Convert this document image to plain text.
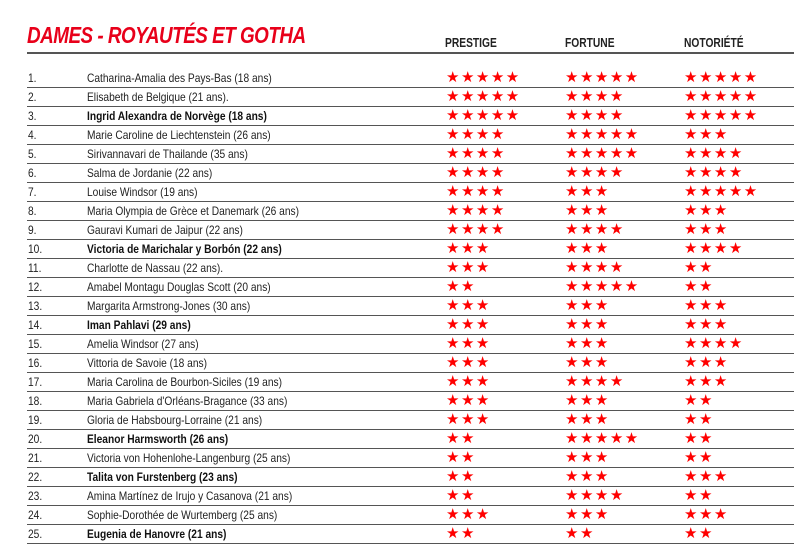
DAMES - ROYAUTÉS ET GOTHA	PRESTIGE	FORTUNE	NOTORIÉTÉ
1.	Catharina-Amalia des Pays-Bas (18 ans)	★★★★★	★★★★★	★★★★★
2.	Elisabeth de Belgique (21 ans).	★★★★★	★★★★	★★★★★
3.	Ingrid Alexandra de Norvège (18 ans)	★★★★★	★★★★	★★★★★
4.	Marie Caroline de Liechtenstein (26 ans)	★★★★	★★★★★	★★★
5.	Sirivannavari de Thailande (35 ans)	★★★★	★★★★★	★★★★
6.	Salma de Jordanie (22 ans)	★★★★	★★★★	★★★★
7.	Louise Windsor (19 ans)	★★★★	★★★	★★★★★
8.	Maria Olympia de Grèce et Danemark (26 ans)	★★★★	★★★	★★★
9.	Gauravi Kumari de Jaipur (22 ans)	★★★★	★★★★	★★★
10.	Victoria de Marichalar y Borbón (22 ans)	★★★	★★★	★★★★
11.	Charlotte de Nassau (22 ans).	★★★	★★★★	★★
12.	Amabel Montagu Douglas Scott (20 ans)	★★	★★★★★	★★
13.	Margarita Armstrong-Jones (30 ans)	★★★	★★★	★★★
14.	Iman Pahlavi (29 ans)	★★★	★★★	★★★
15.	Amelia Windsor (27 ans)	★★★	★★★	★★★★
16.	Vittoria de Savoie (18 ans)	★★★	★★★	★★★
17.	Maria Carolina de Bourbon-Siciles (19 ans)	★★★	★★★★	★★★
18.	Maria Gabriela d'Orléans-Bragance (33 ans)	★★★	★★★	★★
19.	Gloria de Habsbourg-Lorraine (21 ans)	★★★	★★★	★★
20.	Eleanor Harmsworth (26 ans)	★★	★★★★★	★★
21.	Victoria von Hohenlohe-Langenburg (25 ans)	★★	★★★	★★
22.	Talita von Furstenberg (23 ans)	★★	★★★	★★★
23.	Amina Martínez de Irujo y Casanova (21 ans)	★★	★★★★	★★
24.	Sophie-Dorothée de Wurtemberg (25 ans)	★★★	★★★	★★★
25.	Eugenia de Hanovre (21 ans)	★★	★★	★★
